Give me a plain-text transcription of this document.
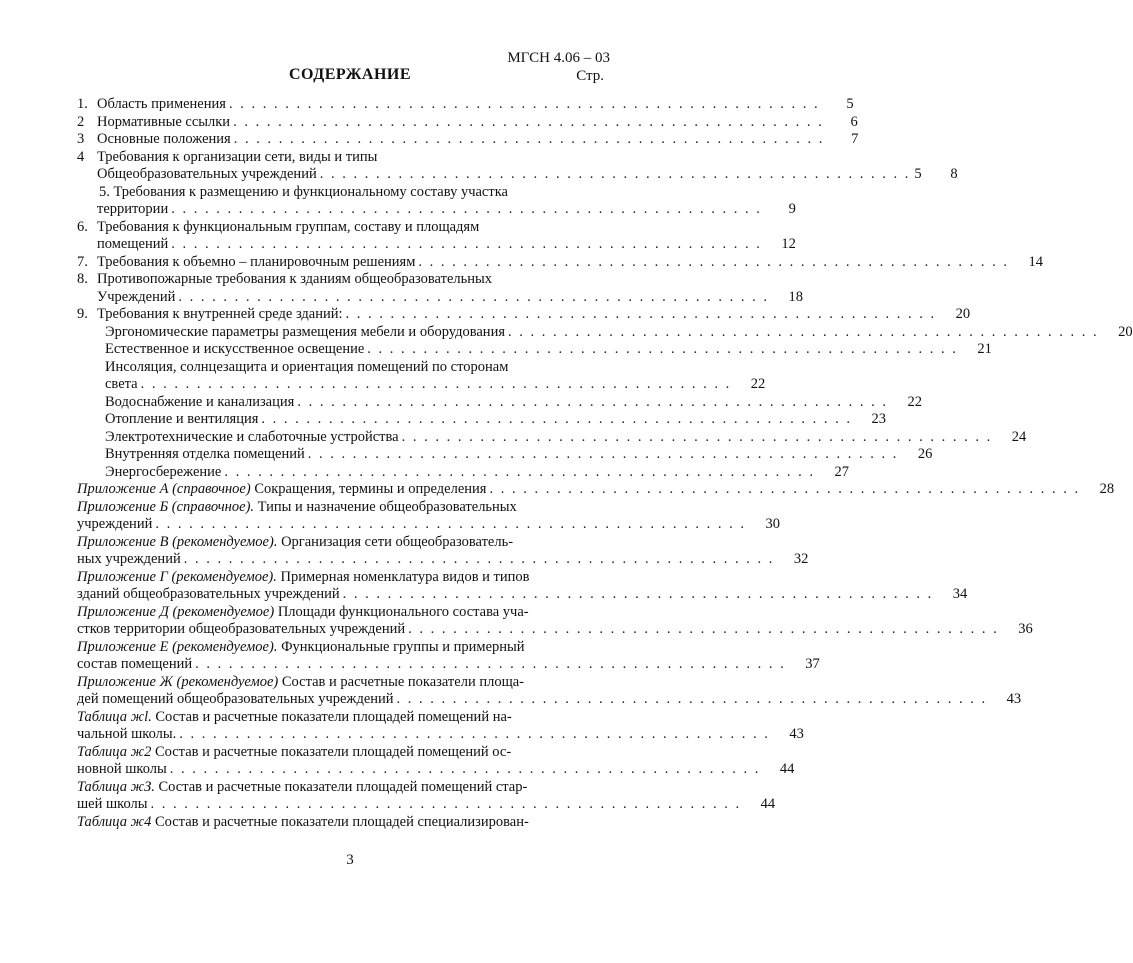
МГСН 4.06 – 03
СОДЕРЖАНИЕ	Стр.
1. Область применения . . . . . . . . . . . . . . . . . . . . . . . . . . . . . . . . . . . . . . . . . . . . . . . . . . . . .	5
2 Нормативные ссылки . . . . . . . . . . . . . . . . . . . . . . . . . . . . . . . . . . . . . . . . . . . . . . . . . . . . .	6
3 Основные положения . . . . . . . . . . . . . . . . . . . . . . . . . . . . . . . . . . . . . . . . . . . . . . . . . . . . .	7
4 Требования к организации сети, виды и типы
Общеобразовательных учреждений . . . . . . . . . . . . . . . . . . . . . . . . . . . . . . . . . . . . . . . . . . . . . . . . . . . . . 5	8
5. Требования к размещению и функциональному составу участка
территории . . . . . . . . . . . . . . . . . . . . . . . . . . . . . . . . . . . . . . . . . . . . . . . . . . . . .	9
6. Требования к функциональным группам, составу и площадям
помещений . . . . . . . . . . . . . . . . . . . . . . . . . . . . . . . . . . . . . . . . . . . . . . . . . . . . .	12
7. Требования к объемно – планировочным решениям . . . . . . . . . . . . . . . . . . . . . . . . . . . . . . . . . . . . . . . . . . . . . . . . . . . . .	14
8. Противопожарные требования к зданиям общеобразовательных
Учреждений . . . . . . . . . . . . . . . . . . . . . . . . . . . . . . . . . . . . . . . . . . . . . . . . . . . . .	18
9. Требования к внутренней среде зданий: . . . . . . . . . . . . . . . . . . . . . . . . . . . . . . . . . . . . . . . . . . . . . . . . . . . . .	20
Эргономические параметры размещения мебели и оборудования . . . . . . . . . . . . . . . . . . . . . . . . . . . . . . . . . . . . . . . . . . . . . . . . . . . . .	20
Естественное и искусственное освещение . . . . . . . . . . . . . . . . . . . . . . . . . . . . . . . . . . . . . . . . . . . . . . . . . . . . .	21
Инсоляция, солнцезащита и ориентация помещений по сторонам
света . . . . . . . . . . . . . . . . . . . . . . . . . . . . . . . . . . . . . . . . . . . . . . . . . . . . .	22
Водоснабжение и канализация . . . . . . . . . . . . . . . . . . . . . . . . . . . . . . . . . . . . . . . . . . . . . . . . . . . . .	22
Отопление и вентиляция . . . . . . . . . . . . . . . . . . . . . . . . . . . . . . . . . . . . . . . . . . . . . . . . . . . . .	23
Электротехнические и слаботочные устройства . . . . . . . . . . . . . . . . . . . . . . . . . . . . . . . . . . . . . . . . . . . . . . . . . . . . .	24
Внутренняя отделка помещений . . . . . . . . . . . . . . . . . . . . . . . . . . . . . . . . . . . . . . . . . . . . . . . . . . . . .	26
Энергосбережение . . . . . . . . . . . . . . . . . . . . . . . . . . . . . . . . . . . . . . . . . . . . . . . . . . . . .	27
Приложение А (справочное) Сокращения, термины и определения . . . . . . . . . . . . . . . . . . . . . . . . . . . . . . . . . . . . . . . . . . . . . . . . . . . . .	28
Приложение Б (справочное). Типы и назначение общеобразовательных
учреждений . . . . . . . . . . . . . . . . . . . . . . . . . . . . . . . . . . . . . . . . . . . . . . . . . . . . .	30
Приложение В (рекомендуемое). Организация сети общеобразователь-
ных учреждений . . . . . . . . . . . . . . . . . . . . . . . . . . . . . . . . . . . . . . . . . . . . . . . . . . . . .	32
Приложение Г (рекомендуемое). Примерная номенклатура видов и типов
зданий общеобразовательных учреждений . . . . . . . . . . . . . . . . . . . . . . . . . . . . . . . . . . . . . . . . . . . . . . . . . . . . .	34
Приложение Д (рекомендуемое) Площади функционального состава уча-
стков территории общеобразовательных учреждений . . . . . . . . . . . . . . . . . . . . . . . . . . . . . . . . . . . . . . . . . . . . . . . . . . . . .	36
Приложение Е (рекомендуемое). Функциональные группы и примерный
состав помещений . . . . . . . . . . . . . . . . . . . . . . . . . . . . . . . . . . . . . . . . . . . . . . . . . . . . .	37
Приложение Ж (рекомендуемое) Состав и расчетные показатели площа-
дей помещений общеобразовательных учреждений . . . . . . . . . . . . . . . . . . . . . . . . . . . . . . . . . . . . . . . . . . . . . . . . . . . . .	43
Таблица жl. Состав и расчетные показатели площадей помещений на-
чальной школы. . . . . . . . . . . . . . . . . . . . . . . . . . . . . . . . . . . . . . . . . . . . . . . . . . . . . .	43
Таблица ж2 Состав и расчетные показатели площадей помещений ос-
новной школы . . . . . . . . . . . . . . . . . . . . . . . . . . . . . . . . . . . . . . . . . . . . . . . . . . . . .	44
Таблица жЗ. Состав и расчетные показатели площадей помещений стар-
шей школы . . . . . . . . . . . . . . . . . . . . . . . . . . . . . . . . . . . . . . . . . . . . . . . . . . . . .	44
Таблица ж4 Состав и расчетные показатели площадей специализирован-
3
